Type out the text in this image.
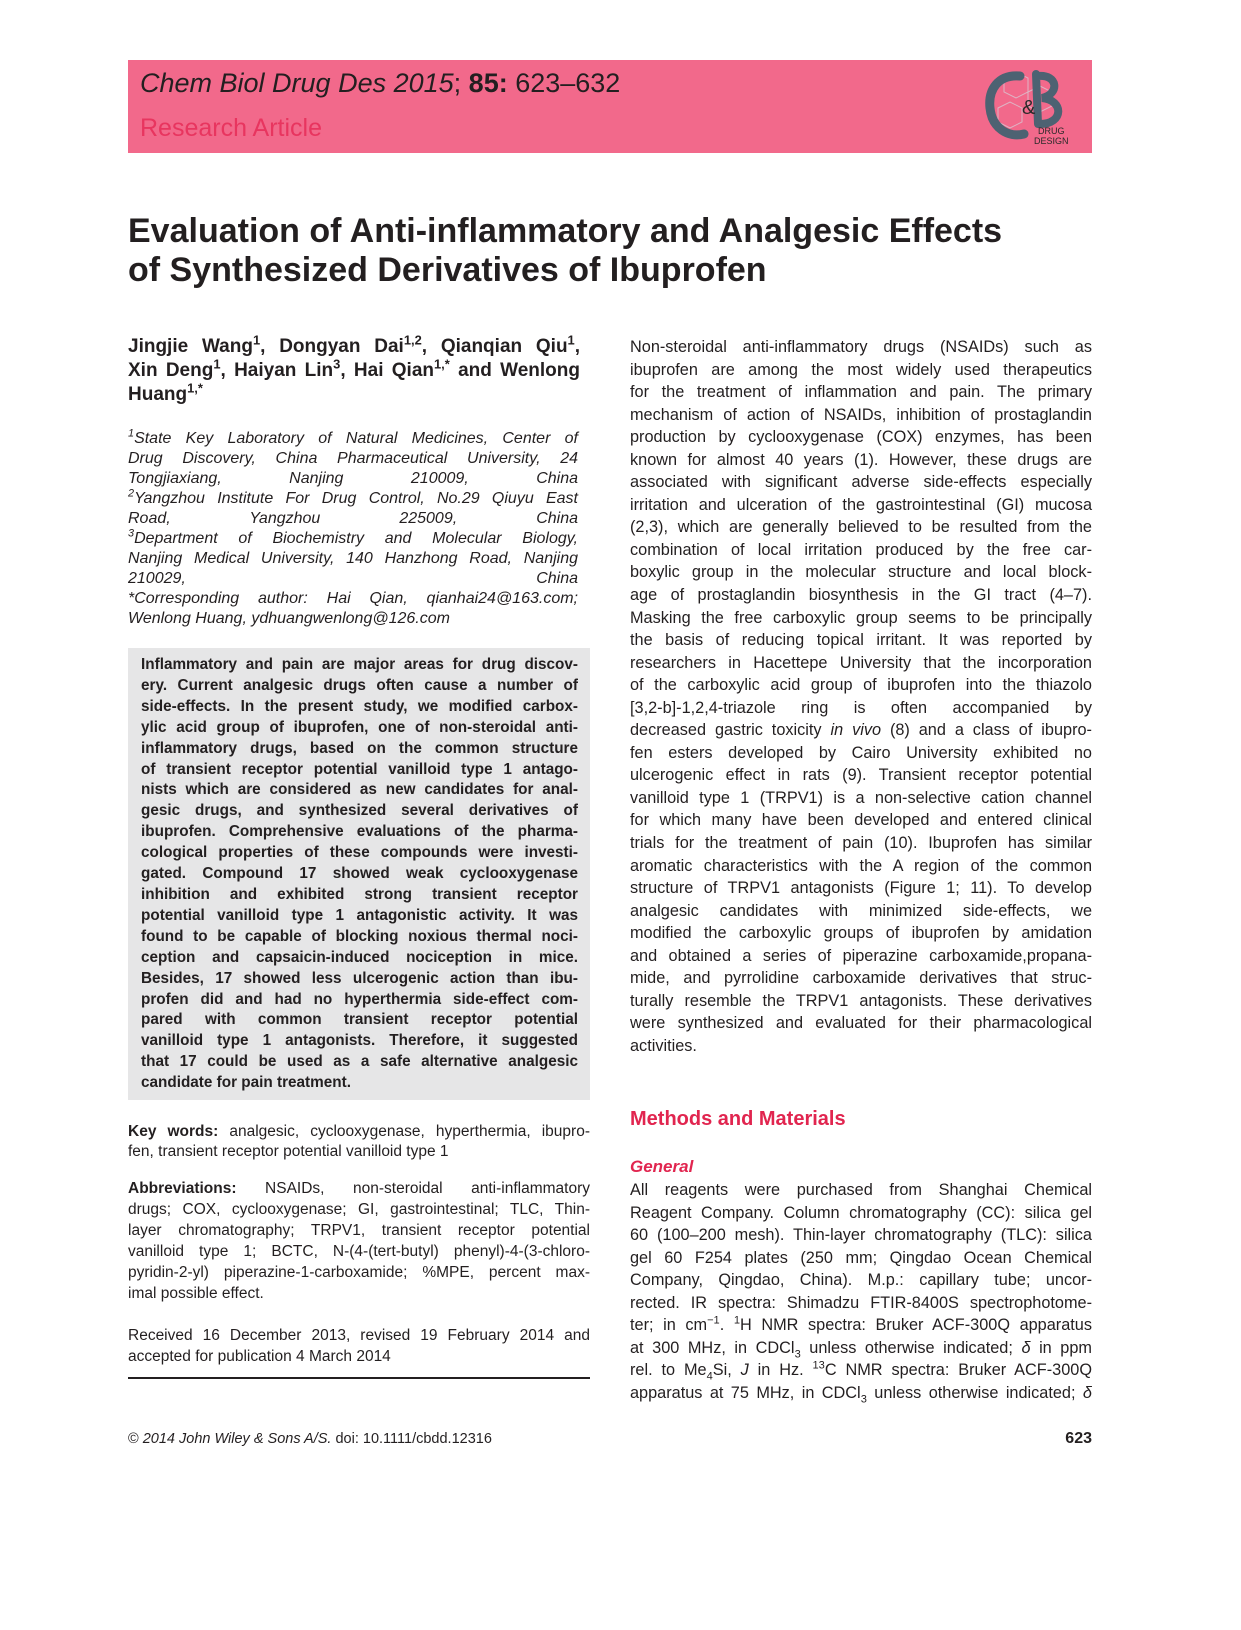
Chem Biol Drug Des 2015; 85: 623–632
Research Article
&
DRUG
DESIGN
Evaluation of Anti-inflammatory and Analgesic Effects
of Synthesized Derivatives of Ibuprofen
Jingjie Wang$^1$, Dongyan Dai$^{1,2}$, Qianqian Qiu$^1$,
Xin Deng$^1$, Haiyan Lin$^3$, Hai Qian$^{1,*}$ and Wenlong
Huang$^{1,*}$
$^1$State Key Laboratory of Natural Medicines, Center of
Drug Discovery, China Pharmaceutical University, 24
Tongjiaxiang, Nanjing 210009, China
$^2$Yangzhou Institute For Drug Control, No.29 Qiuyu East
Road, Yangzhou 225009, China
$^3$Department of Biochemistry and Molecular Biology,
Nanjing Medical University, 140 Hanzhong Road, Nanjing
210029, China
*Corresponding author: Hai Qian, qianhai24@163.com;
Wenlong Huang, ydhuangwenlong@126.com
Inflammatory and pain are major areas for drug discov-
ery. Current analgesic drugs often cause a number of
side-effects. In the present study, we modified carbox-
ylic acid group of ibuprofen, one of non-steroidal anti-
inflammatory drugs, based on the common structure
of transient receptor potential vanilloid type 1 antago-
nists which are considered as new candidates for anal-
gesic drugs, and synthesized several derivatives of
ibuprofen. Comprehensive evaluations of the pharma-
cological properties of these compounds were investi-
gated. Compound 17 showed weak cyclooxygenase
inhibition and exhibited strong transient receptor
potential vanilloid type 1 antagonistic activity. It was
found to be capable of blocking noxious thermal noci-
ception and capsaicin-induced nociception in mice.
Besides, 17 showed less ulcerogenic action than ibu-
profen did and had no hyperthermia side-effect com-
pared with common transient receptor potential
vanilloid type 1 antagonists. Therefore, it suggested
that 17 could be used as a safe alternative analgesic
candidate for pain treatment.
Key words: analgesic, cyclooxygenase, hyperthermia, ibupro-
fen, transient receptor potential vanilloid type 1
Abbreviations: NSAIDs, non-steroidal anti-inflammatory
drugs; COX, cyclooxygenase; GI, gastrointestinal; TLC, Thin-
layer chromatography; TRPV1, transient receptor potential
vanilloid type 1; BCTC, N-(4-(tert-butyl) phenyl)-4-(3-chloro-
pyridin-2-yl) piperazine-1-carboxamide; %MPE, percent max-
imal possible effect.
Received 16 December 2013, revised 19 February 2014 and
accepted for publication 4 March 2014
Non-steroidal anti-inflammatory drugs (NSAIDs) such as
ibuprofen are among the most widely used therapeutics
for the treatment of inflammation and pain. The primary
mechanism of action of NSAIDs, inhibition of prostaglandin
production by cyclooxygenase (COX) enzymes, has been
known for almost 40 years (1). However, these drugs are
associated with significant adverse side-effects especially
irritation and ulceration of the gastrointestinal (GI) mucosa
(2,3), which are generally believed to be resulted from the
combination of local irritation produced by the free car-
boxylic group in the molecular structure and local block-
age of prostaglandin biosynthesis in the GI tract (4–7).
Masking the free carboxylic group seems to be principally
the basis of reducing topical irritant. It was reported by
researchers in Hacettepe University that the incorporation
of the carboxylic acid group of ibuprofen into the thiazolo
[3,2-b]-1,2,4-triazole ring is often accompanied by
decreased gastric toxicity in vivo (8) and a class of ibupro-
fen esters developed by Cairo University exhibited no
ulcerogenic effect in rats (9). Transient receptor potential
vanilloid type 1 (TRPV1) is a non-selective cation channel
for which many have been developed and entered clinical
trials for the treatment of pain (10). Ibuprofen has similar
aromatic characteristics with the A region of the common
structure of TRPV1 antagonists (Figure 1; 11). To develop
analgesic candidates with minimized side-effects, we
modified the carboxylic groups of ibuprofen by amidation
and obtained a series of piperazine carboxamide,propana-
mide, and pyrrolidine carboxamide derivatives that struc-
turally resemble the TRPV1 antagonists. These derivatives
were synthesized and evaluated for their pharmacological
activities.
Methods and Materials
General
All reagents were purchased from Shanghai Chemical
Reagent Company. Column chromatography (CC): silica gel
60 (100–200 mesh). Thin-layer chromatography (TLC): silica
gel 60 F254 plates (250 mm; Qingdao Ocean Chemical
Company, Qingdao, China). M.p.: capillary tube; uncor-
rected. IR spectra: Shimadzu FTIR-8400S spectrophotome-
ter; in $cm^{-1}$. $^1$H NMR spectra: Bruker ACF-300Q apparatus
at 300 MHz, in CDCl$_3$ unless otherwise indicated; δ in ppm
rel. to $Me_4Si$, J in Hz. $^{13}$C NMR spectra: Bruker ACF-300Q
apparatus at 75 MHz, in CDCl$_3$ unless otherwise indicated; δ
© 2014 John Wiley & Sons A/S. doi: 10.1111/cbdd.12316	623
